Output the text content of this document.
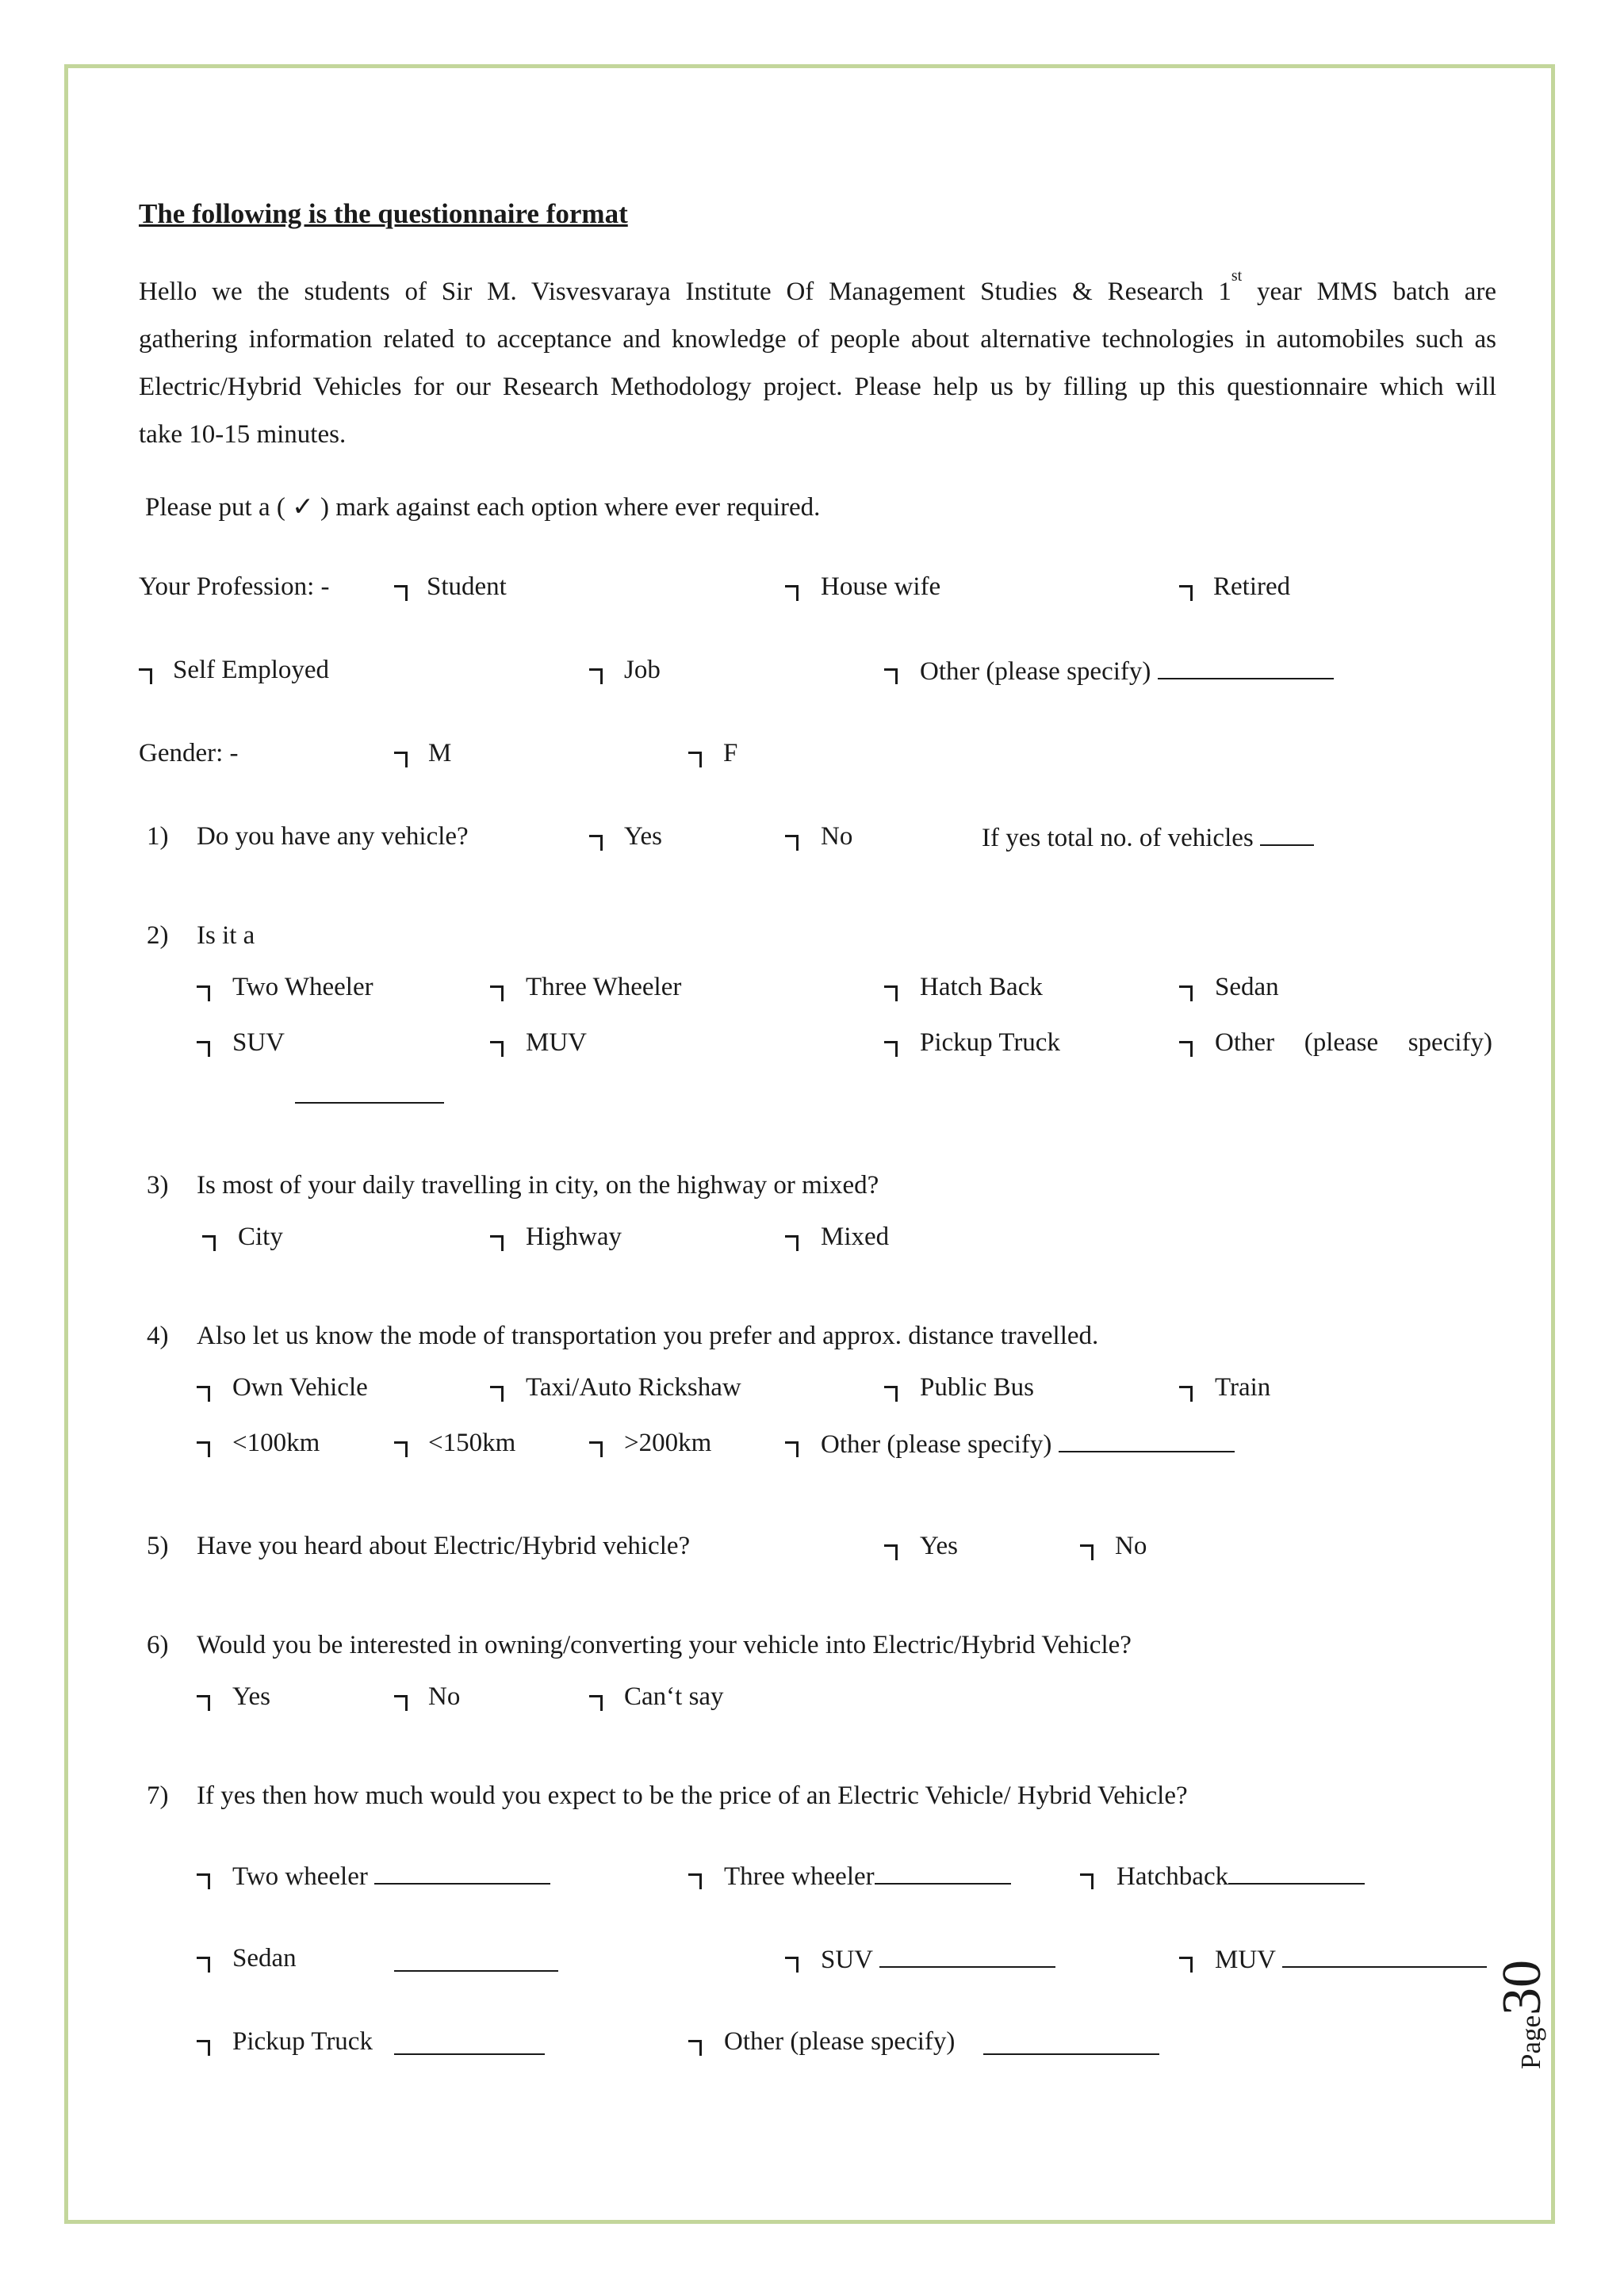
The following is the questionnaire format
Hello we the students of Sir M. Visvesvaraya Institute Of Management Studies & Research 1st year MMS batch are
gathering information related to acceptance and knowledge of people about alternative technologies in automobiles such as
Electric/Hybrid Vehicles for our Research Methodology project. Please help us by filling up this questionnaire which will
take 10-15 minutes.
Please put a ( ✓ ) mark against each option where ever required.
Your Profession: -	Student	House wife	Retired
Self Employed	Job	Other (please specify)
Gender: -	M	F
1) Do you have any vehicle?	Yes	No	If yes total no. of vehicles
2) Is it a
Two Wheeler	Three Wheeler	Hatch Back	Sedan
SUV	MUV	Pickup Truck	Other (please specify)
3) Is most of your daily travelling in city, on the highway or mixed?
City	Highway	Mixed
4) Also let us know the mode of transportation you prefer and approx. distance travelled.
Own Vehicle	Taxi/Auto Rickshaw	Public Bus	Train
<100km	<150km	>200km	Other (please specify)
5) Have you heard about Electric/Hybrid vehicle?	Yes	No
6) Would you be interested in owning/converting your vehicle into Electric/Hybrid Vehicle?
Yes	No	Can‘t say
7) If yes then how much would you expect to be the price of an Electric Vehicle/ Hybrid Vehicle?
Two wheeler	Three wheeler	Hatchback
Sedan	SUV	MUV
Pickup Truck	Other (please specify)	Page30
